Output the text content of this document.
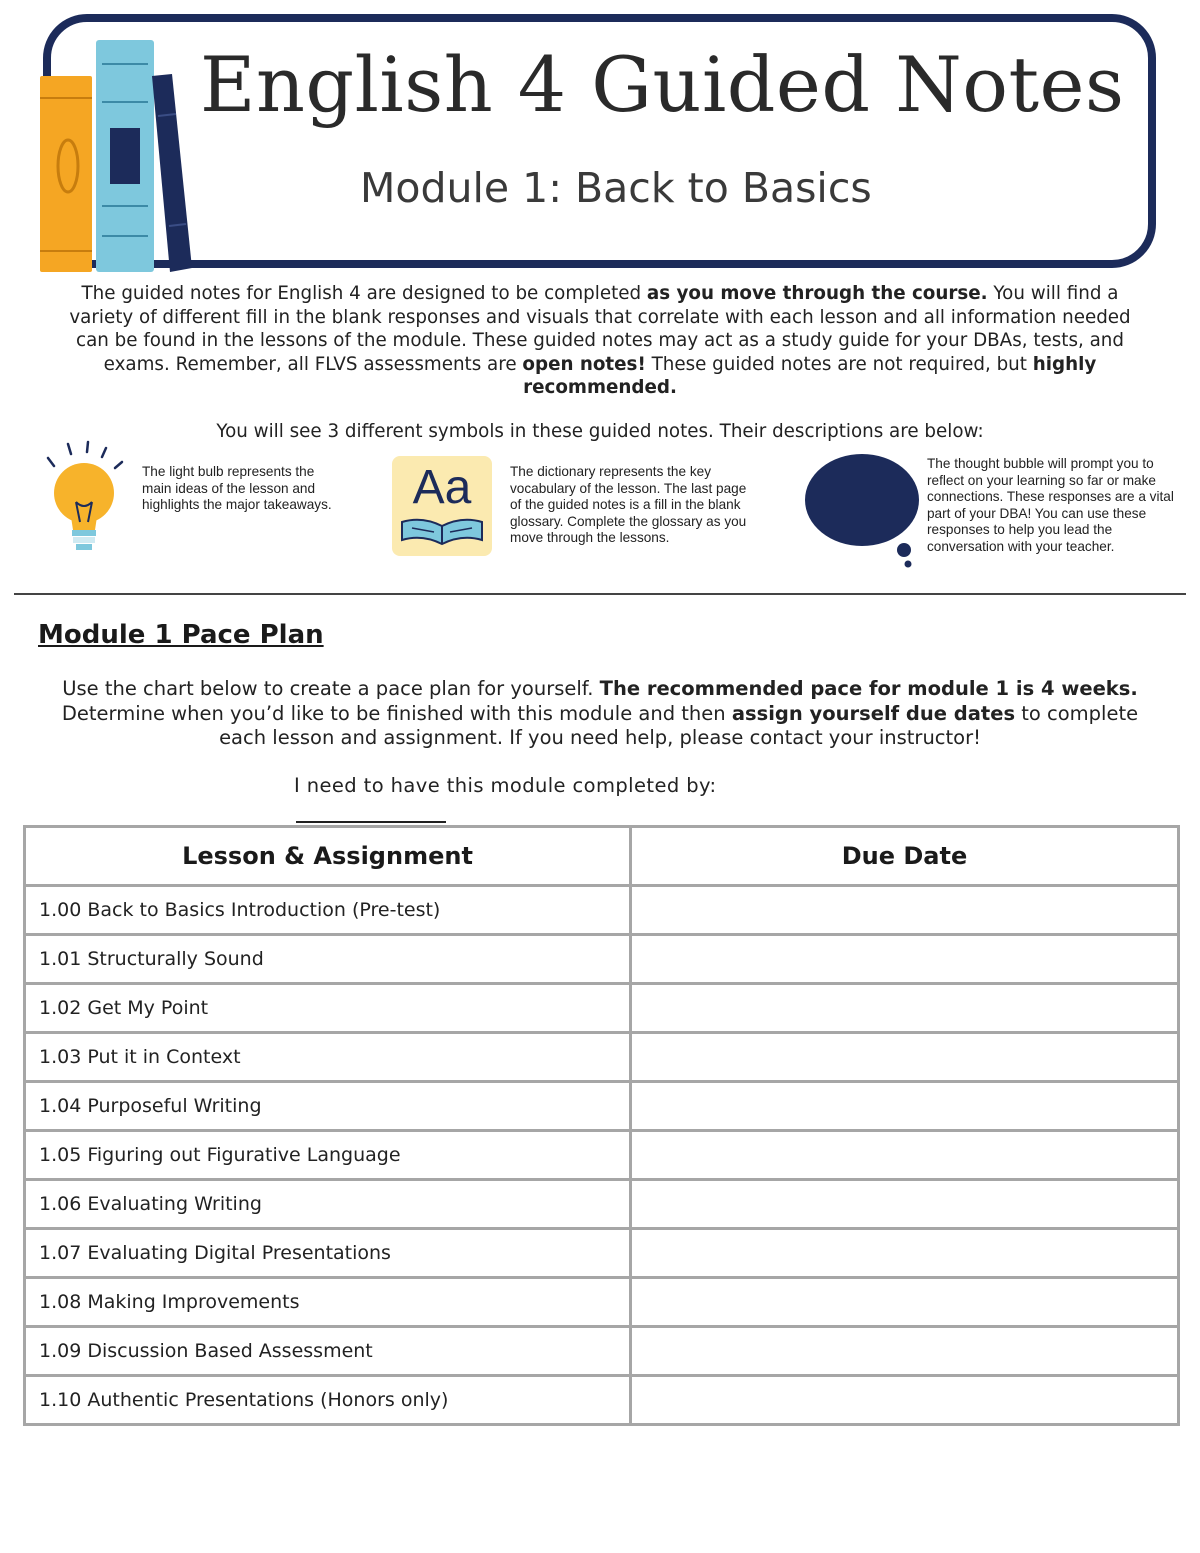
English 4 Guided Notes
Module 1: Back to Basics
The guided notes for English 4 are designed to be completed as you move through the course. You will find a variety of different fill in the blank responses and visuals that correlate with each lesson and all information needed can be found in the lessons of the module. These guided notes may act as a study guide for your DBAs, tests, and exams. Remember, all FLVS assessments are open notes! These guided notes are not required, but highly recommended.
You will see 3 different symbols in these guided notes. Their descriptions are below:
The light bulb represents the main ideas of the lesson and highlights the major takeaways.	Aa	The dictionary represents the key vocabulary of the lesson. The last page of the guided notes is a fill in the blank glossary. Complete the glossary as you move through the lessons.
The thought bubble will prompt you to reflect on your learning so far or make connections. These responses are a vital part of your DBA! You can use these responses to help you lead the conversation with your teacher.
Module 1 Pace Plan
Use the chart below to create a pace plan for yourself. The recommended pace for module 1 is 4 weeks. Determine when you’d like to be finished with this module and then assign yourself due dates to complete each lesson and assignment. If you need help, please contact your instructor!
I need to have this module completed by:
Lesson & Assignment	Due Date
1.00 Back to Basics Introduction (Pre-test)	
1.01 Structurally Sound	
1.02 Get My Point	
1.03 Put it in Context	
1.04 Purposeful Writing	
1.05 Figuring out Figurative Language	
1.06 Evaluating Writing	
1.07 Evaluating Digital Presentations	
1.08 Making Improvements	
1.09 Discussion Based Assessment	
1.10 Authentic Presentations (Honors only)	
